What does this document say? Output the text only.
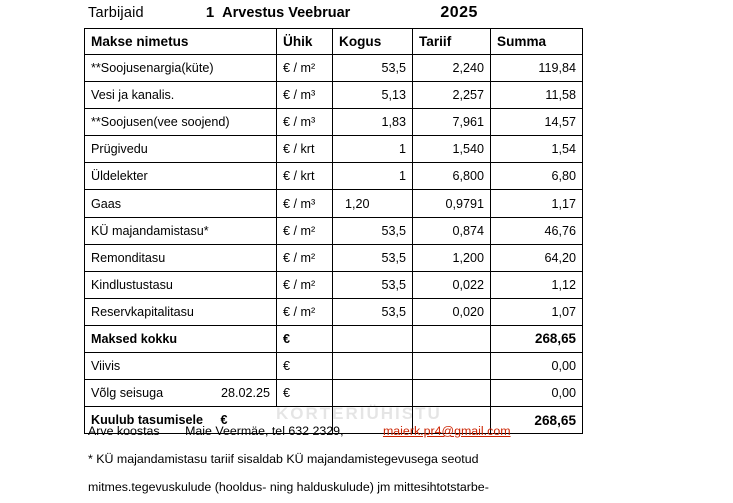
Tarbijaid	1 Arvestus Veebruar	2025
Makse nimetus	Ühik	Kogus	Tariif	Summa
**Soojusenargia(küte)	€ / m²	53,5	2,240	119,84
Vesi ja kanalis.	€ / m³	5,13	2,257	11,58
**Soojusen(vee soojend)	€ / m³	1,83	7,961	14,57
Prügivedu	€ / krt	1	1,540	1,54
Üldelekter	€ / krt	1	6,800	6,80
Gaas	€ / m³	1,20	0,9791	1,17
KÜ majandamistasu*	€ / m²	53,5	0,874	46,76
Remonditasu	€ / m²	53,5	1,200	64,20
Kindlustustasu	€ / m²	53,5	0,022	1,12
Reservkapitalitasu	€ / m²	53,5	0,020	1,07
Maksed kokku	€			268,65
Viivis	€			0,00

Võlg seisuga 28.02.25	€			0,00
Kuulub tasumisele €				268,65
Arve koostas Maie Veermäe, tel 632 2329,	maierk.pr4@gmail.com
* KÜ majandamistasu tariif sisaldab KÜ majandamistegevusega seotud
mitmes.tegevuskulude (hooldus- ning halduskulude) jm mittesihtotstarbe-
